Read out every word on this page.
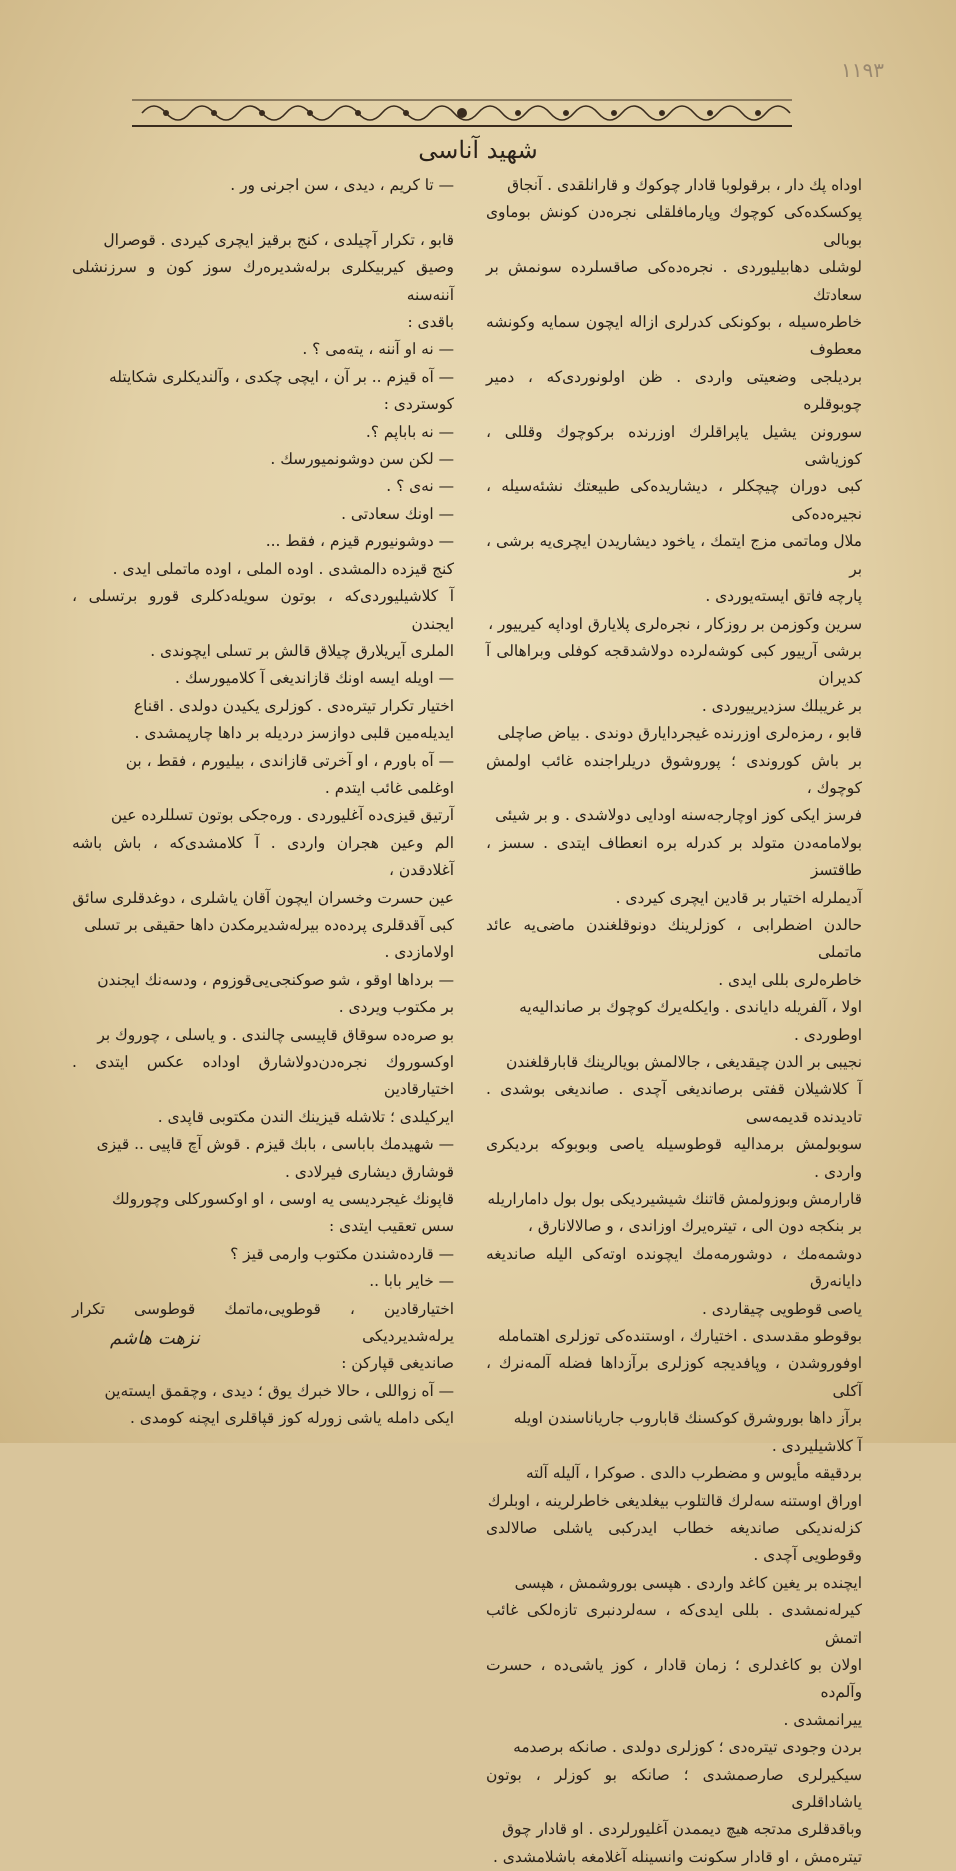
١١٩٣
شهید آناسی
اوداه پك دار ، برقولوبا قادار چوکوك و قارانلقدی . آنجاق
پوکسکده‌کی کوچوك وپارمافلقلی نجره‌دن کونش بوماوی بوبالی
لوشلی دها‌بیلیوردی . نجره‌ده‌کی صاقسلرده سونمش بر سعادتك
خاطره‌سیله ، بوکونکی کدرلری ازاله ایچون سمایه وکونشه معطوف
بردیلجی وضعیتی واردی . ظن اولونوردی‌که ، دمیر چوبوقلره
سورونن یشیل یاپراقلرك اوزرنده برکوچوك وقللی ، کوزیاشی
کبی دوران چیچکلر ، دیشاریده‌کی طبیعتك نشئه‌سیله ، نجیره‌ده‌کی
ملال وماتمی مزج ایتمك ، یاخود دیشاریدن ایچری‌یه برشی ، بر
پارچه فاتق ایسته‌یوردی .
سرین وکوزمن بر روزکار ، نجره‌لری پلایارق اوداپه کیرییور ،
برشی آرییور کبی کوشه‌لرده دولاشدقجه کوفلی وبراهالی آ کدیران
بر غریبلك سزدیرییوردی .
قابو ، رمزه‌لری اوزرنده غیجردایارق دوندی . بیاض صاچلی
بر باش کوروندی ؛ پوروشوق دریلراجنده غائب اولمش کوچوك ،
فرسز ایکی کوز اوچارجه‌سنه اودایی دولاشدی . و بر شیئی
بولامامه‌دن متولد بر کدرله بره انعطاف ایتدی . سسز ، طاقتسز
آدیملرله اختیار بر قادین ایچری کیردی .
حالدن اضطرابی ، کوزلرینك دونوقلغندن ماضی‌یه عائد ماتملی
خاطره‌لری بللی ایدی .
اولا ، آلفریله دایاندی . وایکله‌یرك کوچوك بر صاندالیه‌یه
اوطوردی .
نجیبی بر الدن چیقدیغی ، جالالمش بویالرینك قابارقلغندن
آ کلاشیلان قفتی برصاندیغی آچدی . صاندیغی بوشدی . تادیدنده قدیمه‌سی
سوبولمش برمدالیه قوطوسیله یاصی وبوبوکه بردیکری واردی .
قارارمش وبوزولمش قاتنك شیشیردیکی بول بول داماراریله
بر بنکجه دون الی ، تیتره‌یرك اوزاندی ، و صالالانارق ،
دوشمه‌مك ، دوشورمه‌مك ایچونده اوته‌کی الیله صاندیغه دایانه‌رق
یاصی قوطویی چیقاردی .
بوقوطو مقدسدی . اختیارك ، اوستنده‌کی توزلری اهتمامله
اوفوروشدن ، وپافدیجه کوزلری برآزداها فضله آلمه‌نرك ، آکلی
برآز داها بوروشرق کوکسنك قاباروب جاریاناسندن اویله
آ کلاشیلیردی .
بردقیقه مأیوس و مضطرب دالدی . صوکرا ، آلیله آلته
اوراق اوستنه سه‌لرك قالتلوب بیغلدیغی خاطرلرینه ، اوبلرك
کزله‌ندیکی صاندیغه خطاب ایدرکبی یاشلی صالالدی وقوطویی آچدی .
ایچنده بر یغین کاغد واردی . هپسی بوروشمش ، هپسی
کیرله‌نمشدی . بللی ایدی‌که ، سه‌لردنبری تازه‌لکی غائب اتمش
اولان بو کاغدلری ؛ زمان قادار ، کوز یاشی‌ده ، حسرت وآلم‌ده
ییرانمشدی .
بردن وجودی تیتره‌دی ؛ کوزلری دولدی . صانکه برصدمه
سیکیرلری صارصمشدی ؛ صانکه بو کوزلر ، بوتون یاشاداقلری
وباقدقلری مدتجه هیچ دیممدن آغلیورلردی . او قادار چوق
تیتره‌مش ، او قادار سکونت وانسینله آغلامغه باشلامشدی .
— تا کریم ، دیدی ، سن اجرنی ور .

قابو ، تکرار آچیلدی ، کنج برقیز ایچری کیردی . قوصرال
وصیق کیربیکلری برله‌شدیره‌رك سوز کون و سرزنشلی آننه‌سنه
باقدی :
— نه او آننه ، یته‌می ؟ .
— آه قیزم .. بر آن ، ایچی چکدی ، وآلندیکلری شکایتله
کوستردی :
— نه باباپم ؟.
— لکن سن دوشونمیورسك .
— نه‌ی ؟ .
— اونك سعادتی .
— دوشونیورم قیزم ، فقط ...
کنج قیزده دالمشدی . اوده الملی ، اوده ماتملی ایدی .
آ کلاشیلیوردی‌که ، بوتون سویله‌دکلری قورو برتسلی ، ایجندن
الملری آیریلارق چیلاق قالش بر تسلی ایچوندی .
— اویله ایسه اونك قازاندیغی آ کلامیورسك .
اختیار تکرار تیتره‌دی . کوزلری یکیدن دولدی . اقناع
ایدیله‌مین قلبی دوازسز دردیله بر داها چارپمشدی .
— آه باورم ، او آخرتی قازاندی ، بیلیورم ، فقط ، بن
اوغلمی غائب ایتدم .
آرتیق قیزی‌ده آغلیوردی . وره‌جکی بوتون تسللرده عین
الم وعین هجران واردی . آ کلامشدی‌که ، باش باشه آغلادقدن ،
عین حسرت وخسران ایچون آقان یاشلری ، دوغدقلری سائق
کبی آقدقلری پرده‌ده بیرله‌شدیرمکدن داها حقیقی بر تسلی
اولامازدی .
— برداها اوقو ، شو صوکنجی‌یی‌قوزوم ، ودسه‌نك ایجندن
بر مکتوب ویردی .
بو صره‌ده سوقاق قاپیسی چالندی . و یاسلی ، چوروك بر
اوکسوروك نجره‌دن‌دولاشارق اوداده عکس ایتدی . اختیارقادین
ایرکیلدی ؛ تلاشله قیزینك الندن مکتوبی قاپدی .
— شهیدمك باباسی ، بابك قیزم . قوش آچ قاپیی .. قیزی
قوشارق دیشاری فیرلادی .
قاپونك غیجردیسی یه اوسی ، او اوکسورکلی وچورولك
سس تعقیب ایتدی :
— قارده‌شندن مکتوب وارمی قیز ؟
— خایر بابا ..
اختیارقادین ، قوطویی،ماتمك قوطوسی تکرار یرله‌شدیردیکی
صاندیغی قپارکن :
— آه زواللی ، حالا خبرك یوق ؛ دیدی ، وچقمق ایسته‌ین
ایکی دامله یاشی زورله کوز قپاقلری ایچنه کومدی .
نزهت هاشم
